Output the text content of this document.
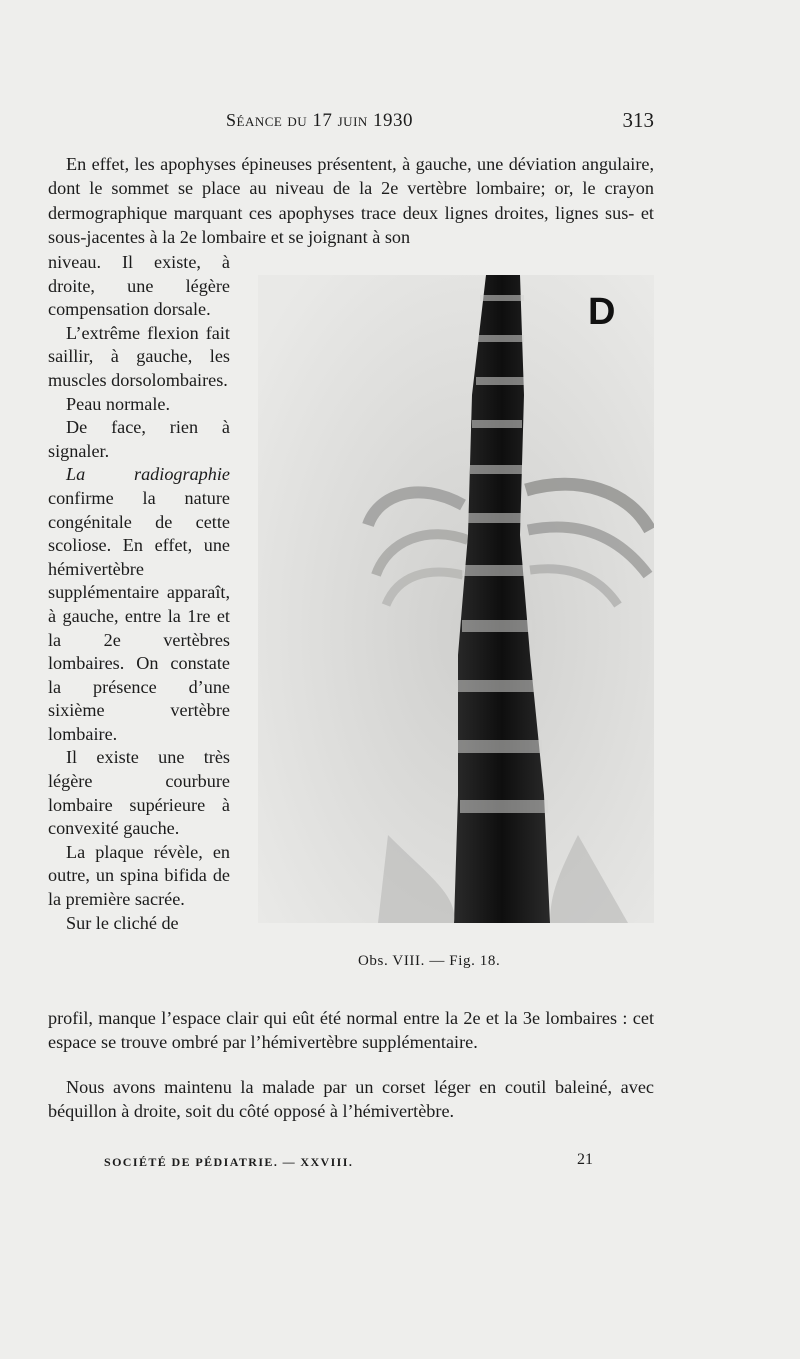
Séance du 17 juin 1930	313
En effet, les apophyses épineuses présentent, à gauche, une déviation angulaire, dont le sommet se place au niveau de la 2e vertèbre lombaire; or, le crayon dermographique marquant ces apophyses trace deux lignes droites, lignes sus- et sous-jacentes à la 2e lombaire et se joignant à son

niveau. Il existe, à droite, une légère compensation dorsale.

L’extrême flexion fait saillir, à gauche, les muscles dorsolombaires.

Peau normale.

De face, rien à signaler.

La radiographie confirme la nature congénitale de cette scoliose. En effet, une hémivertèbre supplémentaire apparaît, à gauche, entre la 1re et la 2e vertèbres lombaires. On constate la présence d’une sixième vertèbre lombaire.

Il existe une très légère courbure lombaire supérieure à convexité gauche.

La plaque révèle, en outre, un spina bifida de la première sacrée.

Sur le cliché de

D
Obs. VIII. — Fig. 18.
profil, manque l’espace clair qui eût été normal entre la 2e et la 3e lombaires : cet espace se trouve ombré par l’hémivertèbre supplémentaire.
Nous avons maintenu la malade par un corset léger en coutil baleiné, avec béquillon à droite, soit du côté opposé à l’hémivertèbre.
SOCIÉTÉ DE PÉDIATRIE. — XXVIII.	21
